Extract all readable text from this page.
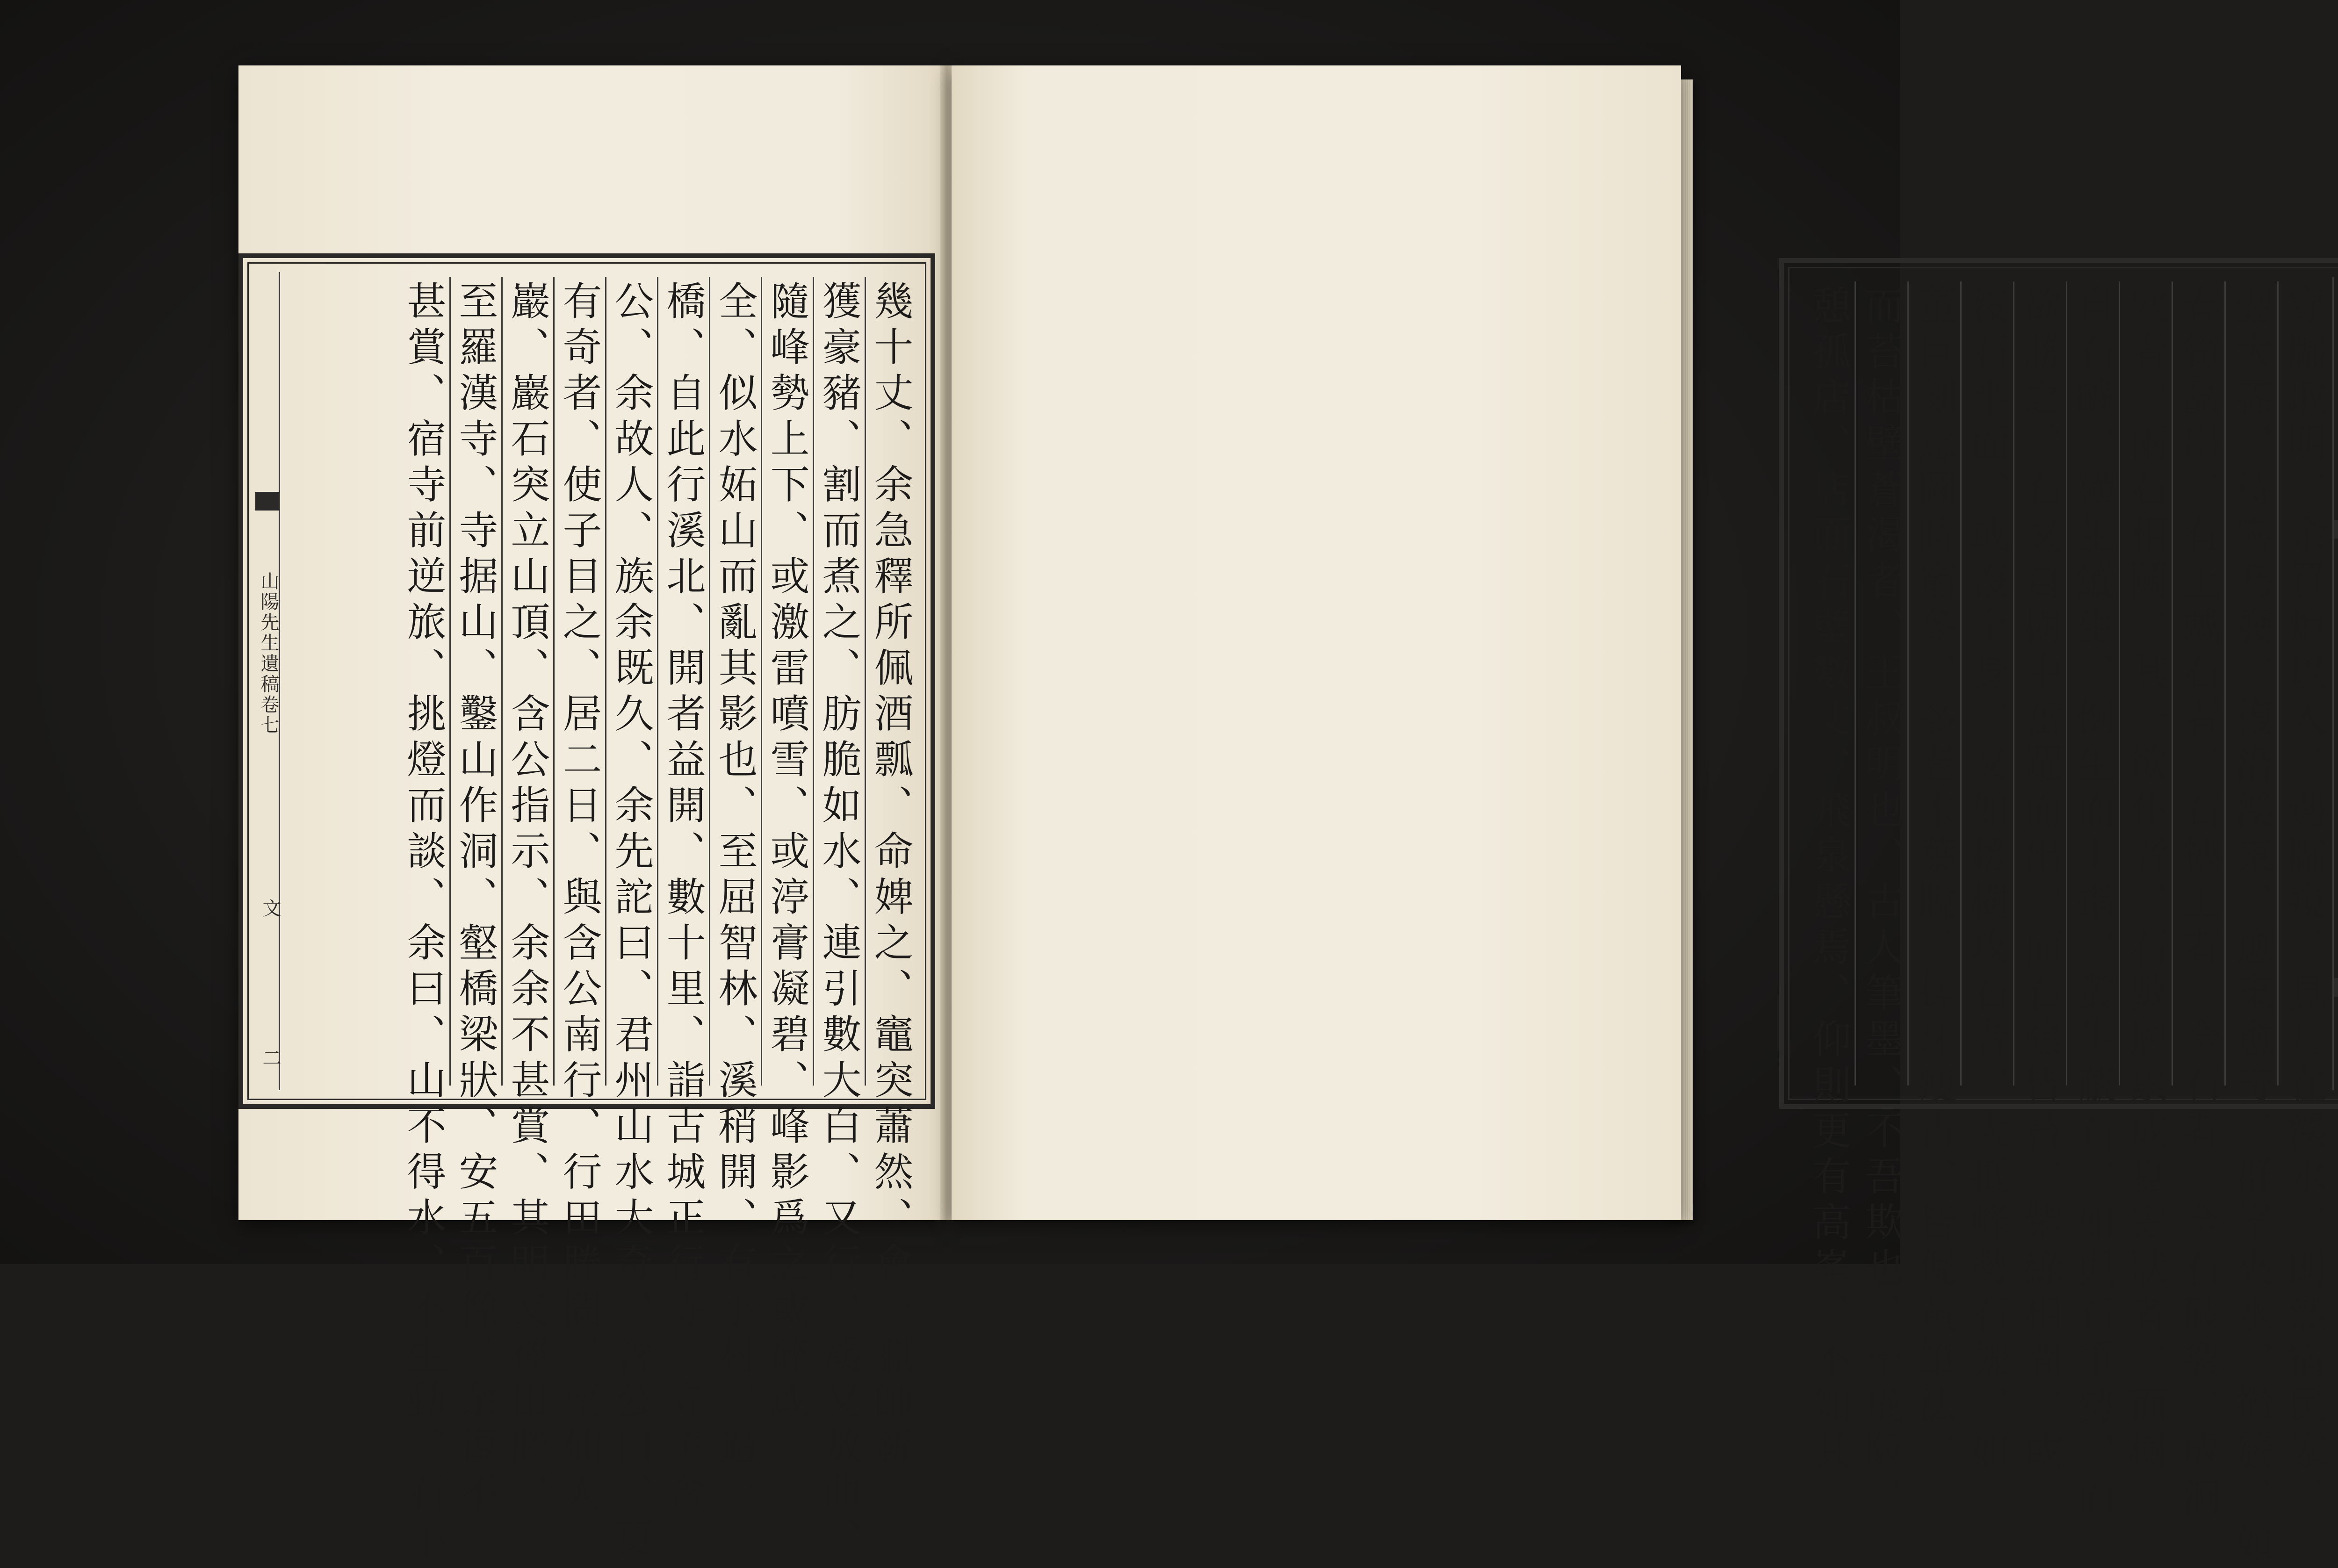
山陽先生遺稿卷七
文
二	幾十丈、余急釋所佩酒瓢、命婢之、竈突蕭然、會一獵師新
獲豪豬、割而煮之、肪脆如水、連引數大白、又行、溪又數曲、
隨峰勢上下、或激雷噴雪、或渟膏凝碧、峰影爲之或碎或
全、似水妬山而亂其影也、至屈智林、溪稍開、有小村、過一
橋、自此行溪北、開者益開、數十里、詣古城正行寺、寺主含
公、余故人、族余既久、余先詑曰、君州山水大奇、含公曰、更
有奇者、使子目之、居二日、與含公南行、行田塍間、至仙人
巖、巖石突立山頂、含公指示、余余不甚賞、其明又徑田塍、
至羅漢寺、寺据山、鑿山作洞、壑橋梁狀、安五百像、余復不
甚賞、宿寺前逆旅、挑燈而談、余曰、山不得水、不生動、石不	穿牖取明、余買炬以入、遇牖窺、見月在溪水、朗然宿民家、
翌大霧、待霽乃發、復沿溪東、愈東愈奇、群峯夾水、攢簇、如
春筍矗出、有土戴石者、石挾土者、全石者、全石破裂、成洞
穴者、兩石相鬬、其一欲仆者、石數層累成夏雲狀者、而樹
自石罅、橫生縱生、倒生而上指、叢生蔽石、如與石爭勢、而
欲勝之、石又自樹中奮躍而出、而石陰皆苔、紫綠相間、或
沒石半面、或沒全身、又如援樹攻石者、大抵峰勢石皴、如
董巨刻意圖時窮冬、多老木葉脫、搓牙瘦古、皆倪黃筆法、
而苔枯壁蒼渴者、王叔明也、古人筆墨、不吾欺也、至埖阪、
憩孤店、店面石壁數丈、飛泉懸焉、仰則更有高峯、不知其
